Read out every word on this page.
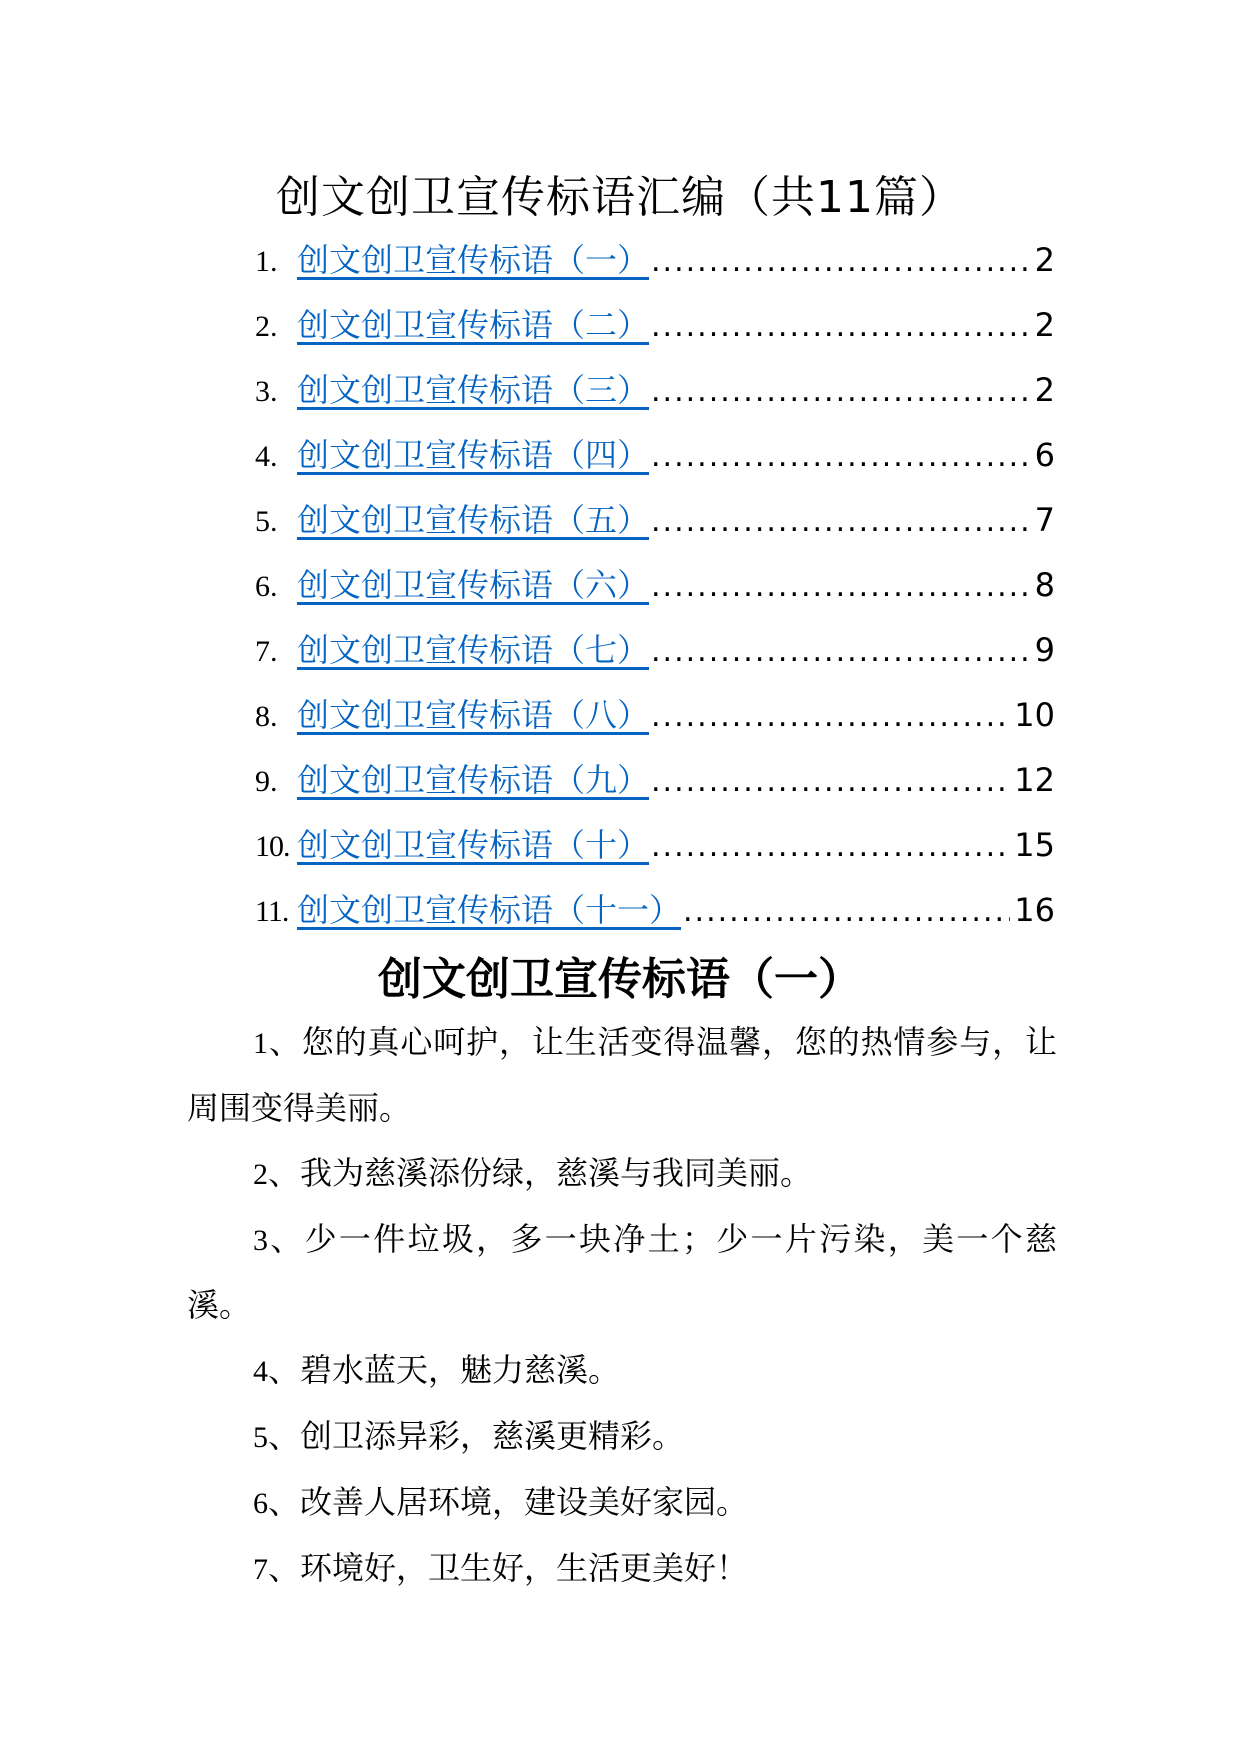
创文创卫宣传标语汇编（共11篇）
1. 创文创卫宣传标语（一） .....	2
2. 创文创卫宣传标语（二） .....	2
3. 创文创卫宣传标语（三） .....	2
4. 创文创卫宣传标语（四） .....	6
5. 创文创卫宣传标语（五） .....	7
6. 创文创卫宣传标语（六） .....	8
7. 创文创卫宣传标语（七） .....	9
8. 创文创卫宣传标语（八） .....	10
9. 创文创卫宣传标语（九） .....	12
10. 创文创卫宣传标语（十） .....	15
11. 创文创卫宣传标语（十一） .....	16
创文创卫宣传标语（一）

1、您的真心呵护，让生活变得温馨，您的热情参与，让周围变得美丽。

2、我为慈溪添份绿，慈溪与我同美丽。

3、少一件垃圾，多一块净土；少一片污染，美一个慈溪。

4、碧水蓝天，魅力慈溪。

5、创卫添异彩，慈溪更精彩。

6、改善人居环境，建设美好家园。

7、环境好，卫生好，生活更美好！
